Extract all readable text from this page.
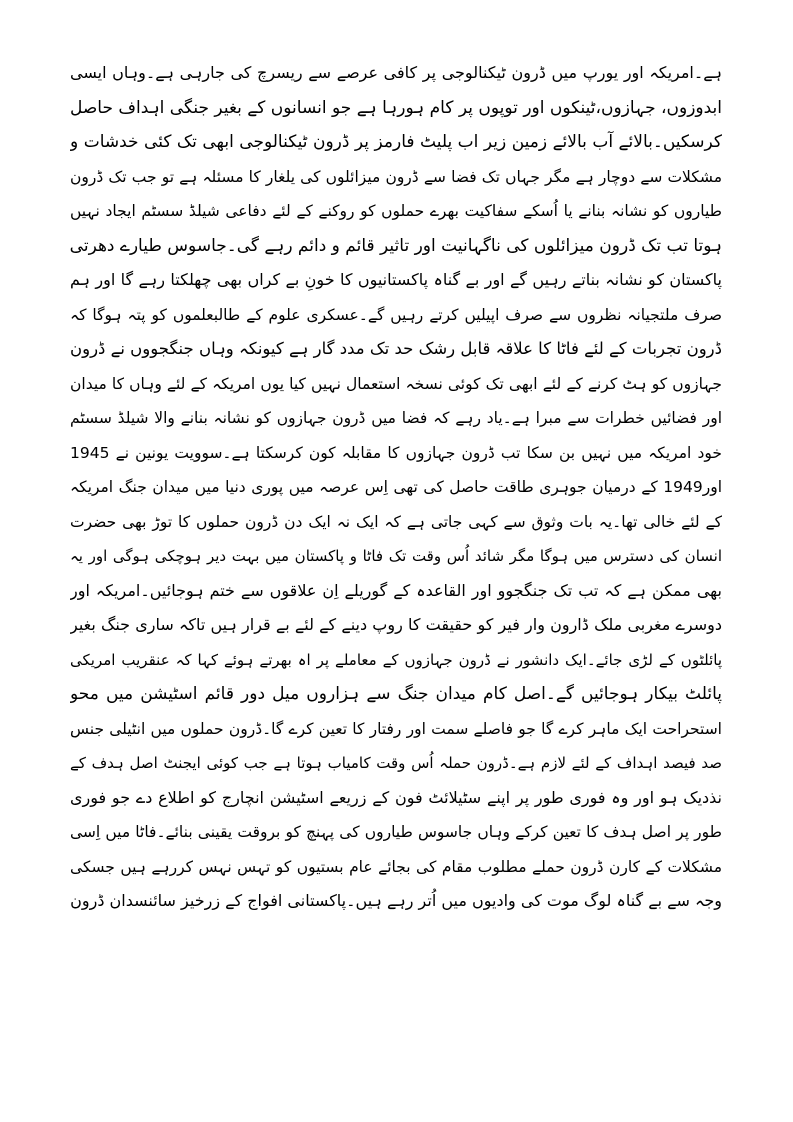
ہے۔امریکہ اور یورپ میں ڈرون ٹیکنالوجی پر کافی عرصے سے ریسرچ کی جارہی ہے۔وہاں ایسی
ابدوزوں، جہازوں،ٹینکوں اور توپوں پر کام ہورہا ہے جو انسانوں کے بغیر جنگی اہداف حاصل
کرسکیں۔بالائے آب بالائے زمین زیر اب پلیٹ فارمز پر ڈرون ٹیکنالوجی ابھی تک کئی خدشات و
مشکلات سے دوچار ہے مگر جہاں تک فضا سے ڈرون میزائلوں کی یلغار کا مسئلہ ہے تو جب تک ڈرون
طیاروں کو نشانہ بنانے یا اُسکے سفاکیت بھرے حملوں کو روکنے کے لئے دفاعی شیلڈ سسٹم ایجاد نہیں
ہوتا تب تک ڈرون میزائلوں کی ناگہانیت اور تاثیر قائم و دائم رہے گی۔جاسوس طیارے دھرتی
پاکستان کو نشانہ بناتے رہیں گے اور بے گناہ پاکستانیوں کا خونِ بے کراں بھی چھلکتا رہے گا اور ہم
صرف ملتجیانہ نظروں سے صرف اپیلیں کرتے رہیں گے۔عسکری علوم کے طالبعلموں کو پتہ ہوگا کہ
ڈرون تجربات کے لئے فاٹا کا علاقہ قابل رشک حد تک مدد گار ہے کیونکہ وہاں جنگجووں نے ڈرون
جہازوں کو ہٹ کرنے کے لئے ابھی تک کوئی نسخہ استعمال نہیں کیا یوں امریکہ کے لئے وہاں کا میدان
اور فضائیں خطرات سے مبرا ہے۔یاد رہے کہ فضا میں ڈرون جہازوں کو نشانہ بنانے والا شیلڈ سسٹم
خود امریکہ میں نہیں بن سکا تب ڈرون جہازوں کا مقابلہ کون کرسکتا ہے۔سوویت یونین نے 1945
اور1949 کے درمیان جوہری طاقت حاصل کی تھی اِس عرصہ میں پوری دنیا میں میدان جنگ امریکہ
کے لئے خالی تھا۔یہ بات وثوق سے کہی جاتی ہے کہ ایک نہ ایک دن ڈرون حملوں کا توڑ بھی حضرت
انسان کی دسترس میں ہوگا مگر شائد اُس وقت تک فاٹا و پاکستان میں بہت دیر ہوچکی ہوگی اور یہ
بھی ممکن ہے کہ تب تک جنگجوو اور القاعدہ کے گوریلے اِن علاقوں سے ختم ہوجائیں۔امریکہ اور
دوسرے مغربی ملک ڈارون وار فیر کو حقیقت کا روپ دینے کے لئے بے قرار ہیں تاکہ ساری جنگ بغیر
پائلٹوں کے لڑی جائے۔ایک دانشور نے ڈرون جہازوں کے معاملے پر اہ بھرتے ہوئے کہا کہ عنقریب امریکی
پائلٹ بیکار ہوجائیں گے۔اصل کام میدان جنگ سے ہزاروں میل دور قائم اسٹیشن میں محو
استحراحت ایک ماہر کرے گا جو فاصلے سمت اور رفتار کا تعین کرے گا۔ڈرون حملوں میں انٹیلی جنس
صد فیصد اہداف کے لئے لازم ہے۔ڈرون حملہ اُس وقت کامیاب ہوتا ہے جب کوئی ایجنٹ اصل ہدف کے
نذدیک ہو اور وہ فوری طور پر اپنے سٹیلائٹ فون کے زریعے اسٹیشن انچارج کو اطلاع دے جو فوری
طور پر اصل ہدف کا تعین کرکے وہاں جاسوس طیاروں کی پہنچ کو بروقت یقینی بنائے۔فاٹا میں اِسی
مشکلات کے کارن ڈرون حملے مطلوب مقام کی بجائے عام بستیوں کو تہس نہس کررہے ہیں جسکی
وجہ سے بے گناہ لوگ موت کی وادیوں میں اُتر رہے ہیں۔پاکستانی افواج کے زرخیز سائنسدان ڈرون
